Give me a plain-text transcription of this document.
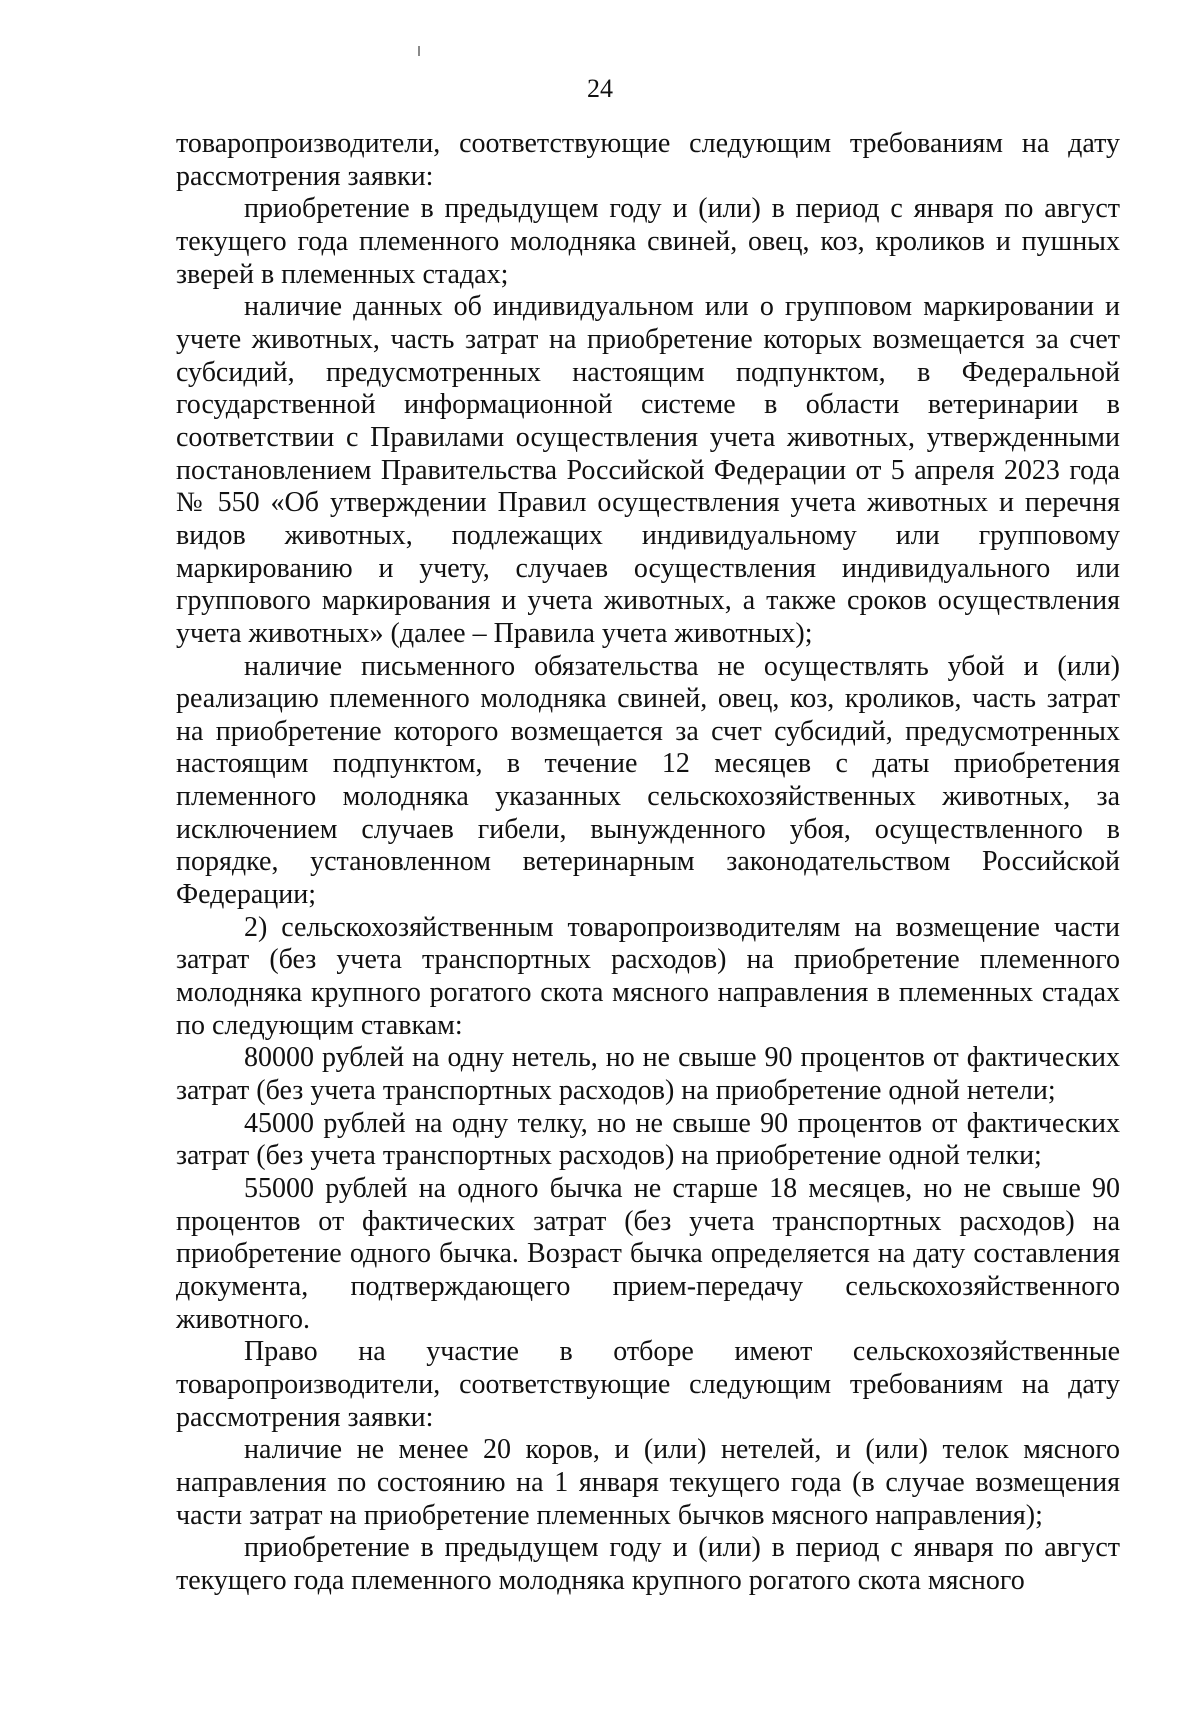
24

товаропроизводители, соответствующие следующим требованиям на дату рассмотрения заявки:

приобретение в предыдущем году и (или) в период с января по август текущего года племенного молодняка свиней, овец, коз, кроликов и пушных зверей в племенных стадах;

наличие данных об индивидуальном или о групповом маркировании и учете животных, часть затрат на приобретение которых возмещается за счет субсидий, предусмотренных настоящим подпунктом, в Федеральной государственной информационной системе в области ветеринарии в соответствии с Правилами осуществления учета животных, утвержденными постановлением Правительства Российской Федерации от 5 апреля 2023 года № 550 «Об утверждении Правил осуществления учета животных и перечня видов животных, подлежащих индивидуальному или групповому маркированию и учету, случаев осуществления индивидуального или группового маркирования и учета животных, а также сроков осуществления учета животных» (далее – Правила учета животных);

наличие письменного обязательства не осуществлять убой и (или) реализацию племенного молодняка свиней, овец, коз, кроликов, часть затрат на приобретение которого возмещается за счет субсидий, предусмотренных настоящим подпунктом, в течение 12 месяцев с даты приобретения племенного молодняка указанных сельскохозяйственных животных, за исключением случаев гибели, вынужденного убоя, осуществленного в порядке, установленном ветеринарным законодательством Российской Федерации;

2) сельскохозяйственным товаропроизводителям на возмещение части затрат (без учета транспортных расходов) на приобретение племенного молодняка крупного рогатого скота мясного направления в племенных стадах по следующим ставкам:

80000 рублей на одну нетель, но не свыше 90 процентов от фактических затрат (без учета транспортных расходов) на приобретение одной нетели;

45000 рублей на одну телку, но не свыше 90 процентов от фактических затрат (без учета транспортных расходов) на приобретение одной телки;

55000 рублей на одного бычка не старше 18 месяцев, но не свыше 90 процентов от фактических затрат (без учета транспортных расходов) на приобретение одного бычка. Возраст бычка определяется на дату составления документа, подтверждающего прием-передачу сельскохозяйственного животного.

Право на участие в отборе имеют сельскохозяйственные товаропроизводители, соответствующие следующим требованиям на дату рассмотрения заявки:

наличие не менее 20 коров, и (или) нетелей, и (или) телок мясного направления по состоянию на 1 января текущего года (в случае возмещения части затрат на приобретение племенных бычков мясного направления);

приобретение в предыдущем году и (или) в период с января по август текущего года племенного молодняка крупного рогатого скота мясного
